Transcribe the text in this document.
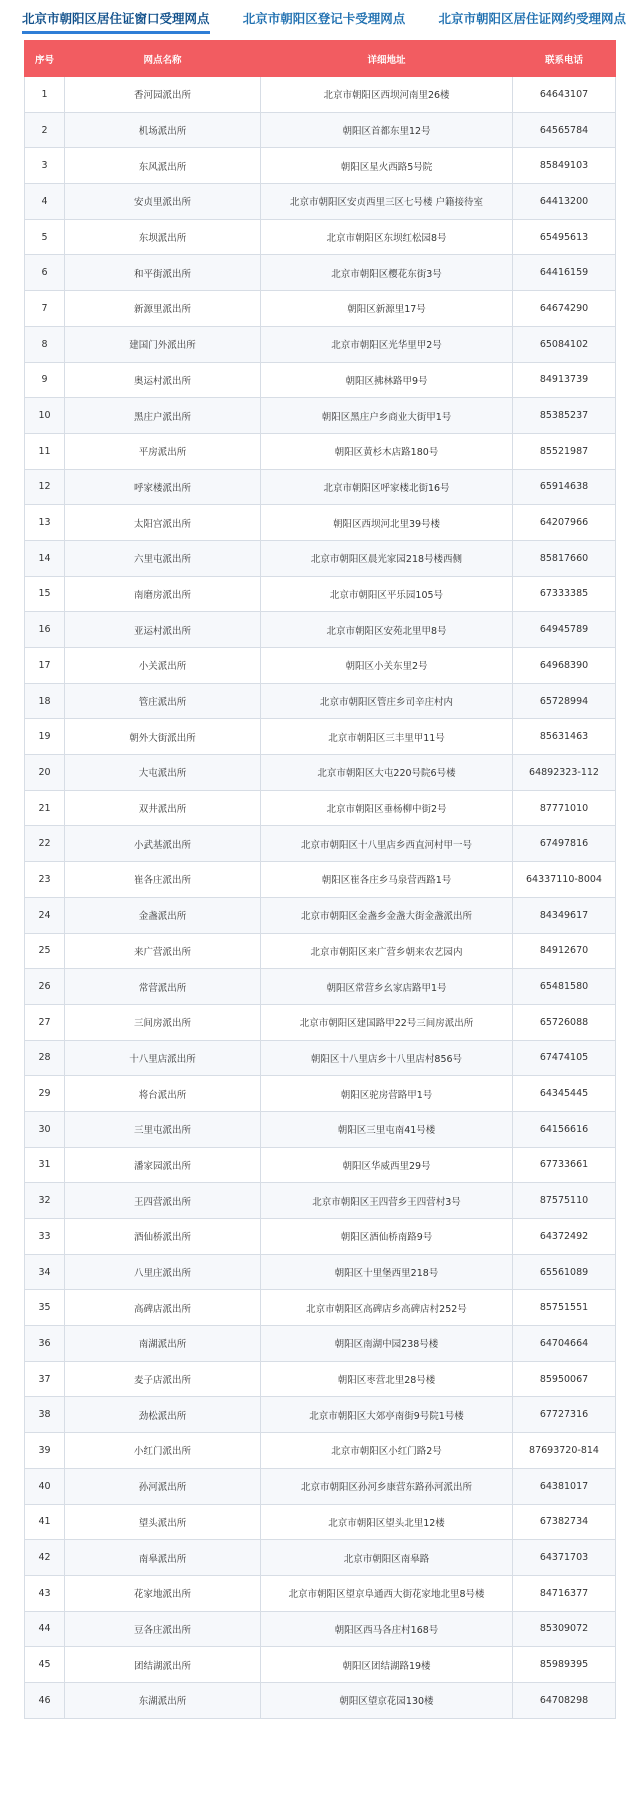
北京市朝阳区居住证窗口受理网点	北京市朝阳区登记卡受理网点	北京市朝阳区居住证网约受理网点
序号	网点名称	详细地址	联系电话
1	香河园派出所	北京市朝阳区西坝河南里26楼	64643107
2	机场派出所	朝阳区首都东里12号	64565784
3	东风派出所	朝阳区星火西路5号院	85849103
4	安贞里派出所	北京市朝阳区安贞西里三区七号楼 户籍接待室	64413200
5	东坝派出所	北京市朝阳区东坝红松园8号	65495613
6	和平街派出所	北京市朝阳区樱花东街3号	64416159
7	新源里派出所	朝阳区新源里17号	64674290
8	建国门外派出所	北京市朝阳区光华里甲2号	65084102
9	奥运村派出所	朝阳区拂林路甲9号	84913739
10	黑庄户派出所	朝阳区黑庄户乡商业大街甲1号	85385237
11	平房派出所	朝阳区黄杉木店路180号	85521987
12	呼家楼派出所	北京市朝阳区呼家楼北街16号	65914638
13	太阳宫派出所	朝阳区西坝河北里39号楼	64207966
14	六里屯派出所	北京市朝阳区晨光家园218号楼西侧	85817660
15	南磨房派出所	北京市朝阳区平乐园105号	67333385
16	亚运村派出所	北京市朝阳区安苑北里甲8号	64945789
17	小关派出所	朝阳区小关东里2号	64968390
18	管庄派出所	北京市朝阳区管庄乡司辛庄村内	65728994
19	朝外大街派出所	北京市朝阳区三丰里甲11号	85631463
20	大屯派出所	北京市朝阳区大屯220号院6号楼	64892323-112
21	双井派出所	北京市朝阳区垂杨柳中街2号	87771010
22	小武基派出所	北京市朝阳区十八里店乡西直河村甲一号	67497816
23	崔各庄派出所	朝阳区崔各庄乡马泉营西路1号	64337110-8004
24	金盏派出所	北京市朝阳区金盏乡金盏大街金盏派出所	84349617
25	来广营派出所	北京市朝阳区来广营乡朝来农艺园内	84912670
26	常营派出所	朝阳区常营乡幺家店路甲1号	65481580
27	三间房派出所	北京市朝阳区建国路甲22号三间房派出所	65726088
28	十八里店派出所	朝阳区十八里店乡十八里店村856号	67474105
29	将台派出所	朝阳区驼房营路甲1号	64345445
30	三里屯派出所	朝阳区三里屯南41号楼	64156616
31	潘家园派出所	朝阳区华威西里29号	67733661
32	王四营派出所	北京市朝阳区王四营乡王四营村3号	87575110
33	酒仙桥派出所	朝阳区酒仙桥南路9号	64372492
34	八里庄派出所	朝阳区十里堡西里218号	65561089
35	高碑店派出所	北京市朝阳区高碑店乡高碑店村252号	85751551
36	南湖派出所	朝阳区南湖中园238号楼	64704664
37	麦子店派出所	朝阳区枣营北里28号楼	85950067
38	劲松派出所	北京市朝阳区大郊亭南街9号院1号楼	67727316
39	小红门派出所	北京市朝阳区小红门路2号	87693720-814
40	孙河派出所	北京市朝阳区孙河乡康营东路孙河派出所	64381017
41	望头派出所	北京市朝阳区望头北里12楼	67382734
42	南皋派出所	北京市朝阳区南皋路	64371703
43	花家地派出所	北京市朝阳区望京阜通西大街花家地北里8号楼	84716377
44	豆各庄派出所	朝阳区西马各庄村168号	85309072
45	团结湖派出所	朝阳区团结湖路19楼	85989395
46	东湖派出所	朝阳区望京花园130楼	64708298
